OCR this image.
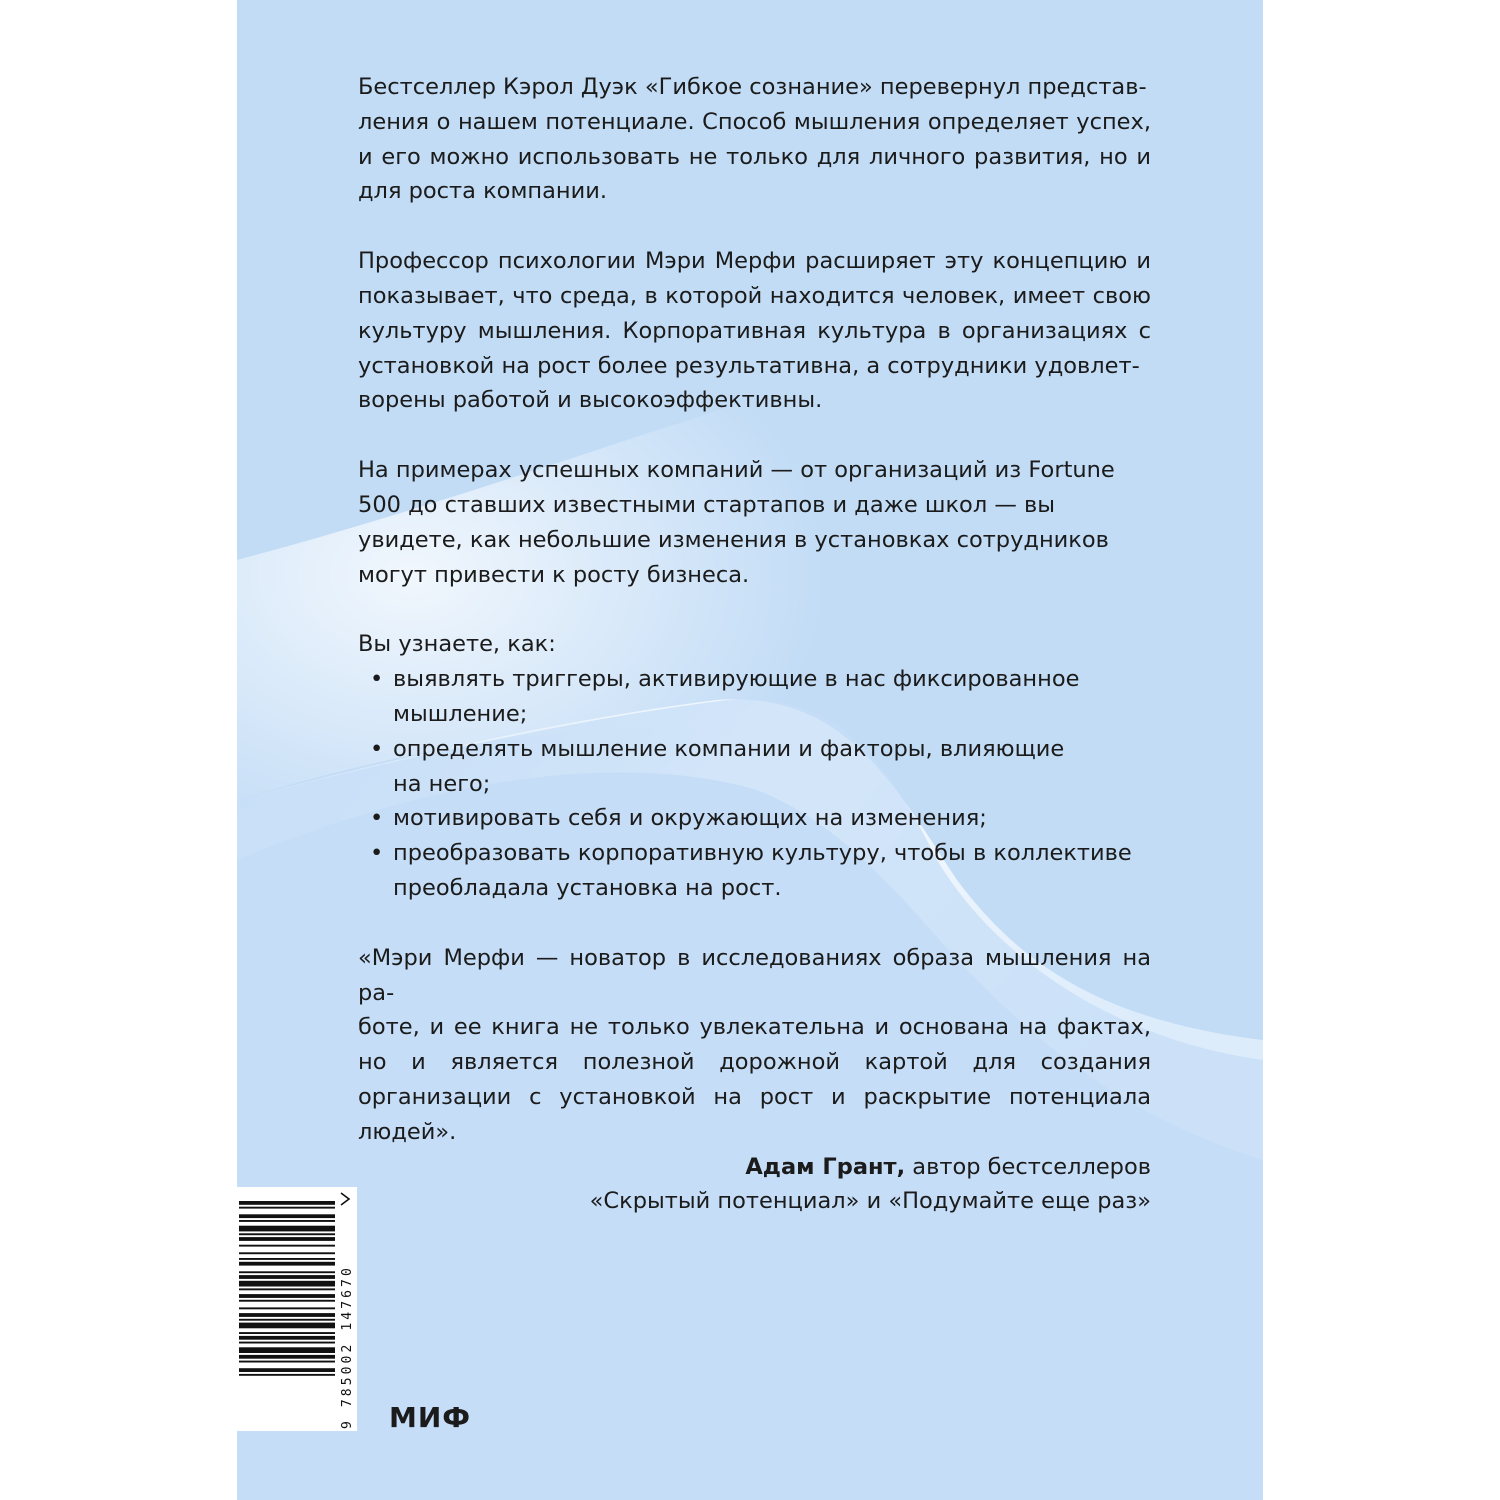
Бестселлер Кэрол Дуэк «Гибкое сознание» перевернул представ-
ления о нашем потенциале. Способ мышления определяет успех, и его можно использовать не только для личного развития, но и для роста компании.

Профессор психологии Мэри Мерфи расширяет эту концепцию и показывает, что среда, в которой находится человек, имеет свою культуру мышления. Корпоративная культура в организациях с установкой на рост более результативна, а сотрудники удовлет-
ворены работой и высокоэффективны.

На примерах успешных компаний — от организаций из Fortune 500 до ставших известными стартапов и даже школ — вы увидете, как небольшие изменения в установках сотрудников могут привести к росту бизнеса.

Вы узнаете, как:

• выявлять триггеры, активирующие в нас фиксированное
мышление;
• определять мышление компании и факторы, влияющие
на него;
• мотивировать себя и окружающих на изменения;
• преобразовать корпоративную культуру, чтобы в коллективе
преобладала установка на рост.

«Мэри Мерфи — новатор в исследованиях образа мышления на ра-
боте, и ее книга не только увлекательна и основана на фактах, но и является полезной дорожной картой для создания организации с установкой на рост и раскрытие потенциала людей».

Адам Грант, автор бестселлеров
«Скрытый потенциал» и «Подумайте еще раз»

9 785002 147670 МИФ
